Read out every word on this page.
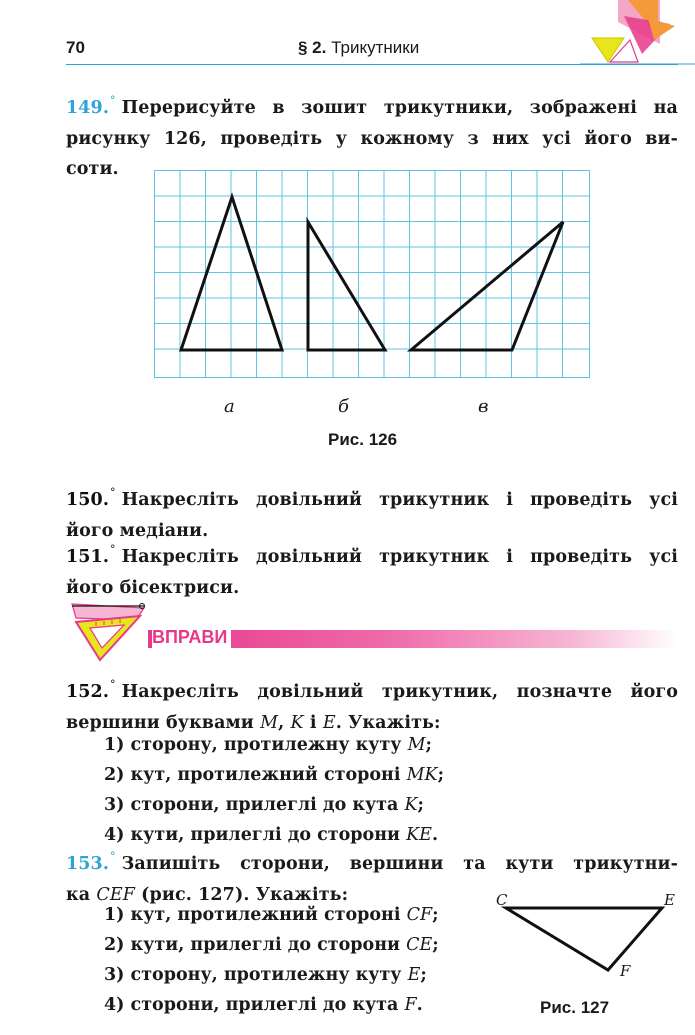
70	§ 2. Трикутники
149.° Перерисуйте в зошит трикутники, зображені на
рисунку 126, проведіть у кожному з них усі його ви-
соти.
а	б	в
Рис. 126
150.° Накресліть довільний трикутник і проведіть усі
його медіани.
151.° Накресліть довільний трикутник і проведіть усі
його бісектриси.
ВПРАВИ
152.° Накресліть довільний трикутник, позначте його
вершини буквами M, K і E. Укажіть:
1) сторону, протилежну куту M;
2) кут, протилежний стороні MK;
3) сторони, прилеглі до кута K;
4) кути, прилеглі до сторони KE.
153.° Запишіть сторони, вершини та кути трикутни-
ка CEF (рис. 127). Укажіть:
1) кут, протилежний стороні CF;
2) кути, прилеглі до сторони CE;
3) сторону, протилежну куту E;
4) сторони, прилеглі до кута F.
C	E
F
Рис. 127
